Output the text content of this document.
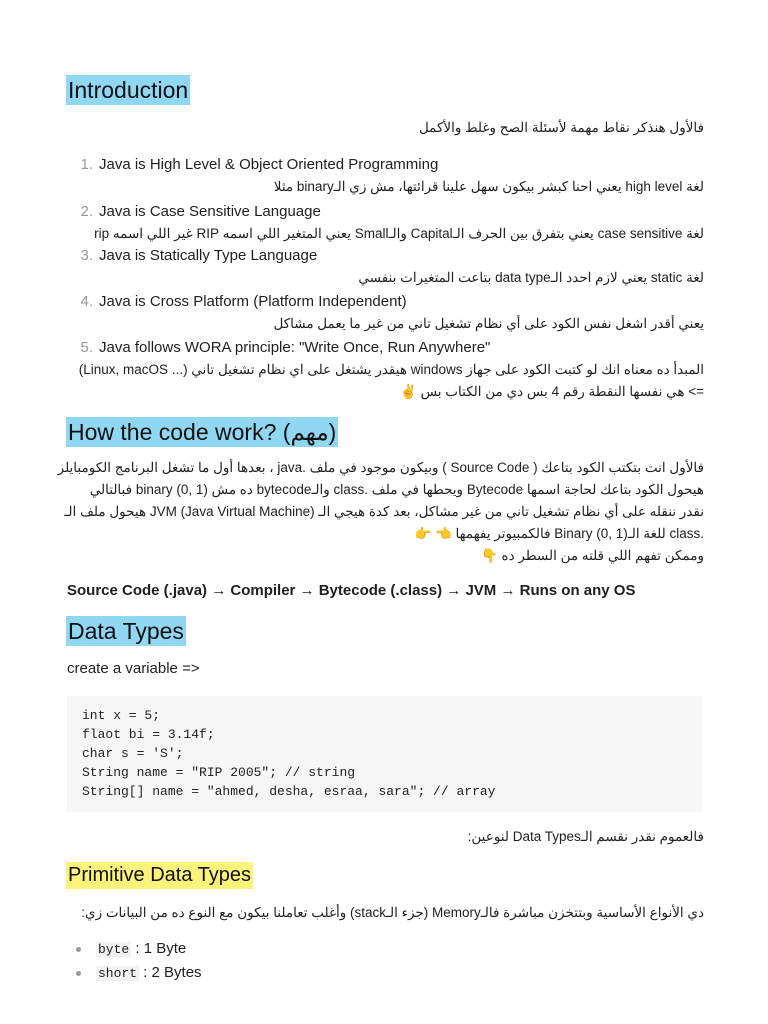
Introduction
فالأول هنذكر نقاط مهمة لأسئلة الصح وغلط والأكمل
1. Java is High Level & Object Oriented Programming
لغة high level يعني احنا كبشر بيكون سهل علينا قرائتها، مش زي الـbinary مثلا
2. Java is Case Sensitive Language
لغة case sensitive يعني بتفرق بين الحرف الـCapital والـSmall يعني المتغير اللي اسمه RIP غير اللي اسمه rip
3. Java is Statically Type Language
لغة static يعني لازم احدد الـdata type بتاعت المتغيرات بنفسي
4. Java is Cross Platform (Platform Independent)
يعني أقدر اشغل نفس الكود على أي نظام تشغيل تاني من غير ما يعمل مشاكل
5. Java follows WORA principle: "Write Once, Run Anywhere"
المبدأ ده معناه انك لو كتبت الكود على جهاز windows هيقدر يشتغل على اي نظام تشغيل تاني (... Linux, macOS)
=> هي نفسها النقطة رقم 4 بس دي من الكتاب بس ✌
How the code work? (مهم)
فالأول انت بتكتب الكود بتاعك ( Source Code ) وبيكون موجود في ملف .java ، بعدها أول ما تشغل البرنامج الكومبايلر
هيحول الكود بتاعك لحاجة اسمها Bytecode ويحطها في ملف .class والـbytecode ده مش binary (0, 1) فبالتالي
نقدر ننقله على أي نظام تشغيل تاني من غير مشاكل، بعد كدة هيجي الـ JVM (Java Virtual Machine) هيحول ملف الـ
.class للغة الـBinary (0, 1) فالكمبيوتر يفهمها 👈 👉
وممكن تفهم اللي قلته من السطر ده 👇
Source Code (.java) → Compiler → Bytecode (.class) → JVM → Runs on any OS
Data Types
create a variable =>
int x = 5;
flaot bi = 3.14f;
char s = 'S';
String name = "RIP 2005"; // string
String[] name = "ahmed, desha, esraa, sara"; // array
فالعموم نقدر نقسم الـData Types لنوعين:
Primitive Data Types
دي الأنواع الأساسية وبتتخزن مباشرة فالـMemory (جزء الـstack) وأغلب تعاملنا بيكون مع النوع ده من البيانات زي:
byte : 1 Byte
short : 2 Bytes
